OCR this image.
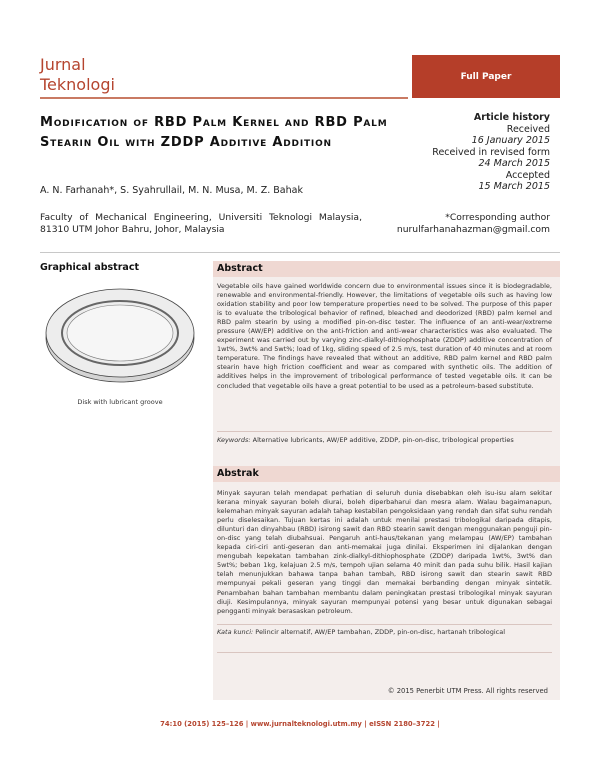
Jurnal
Teknologi	Full Paper
Modification of RBD Palm Kernel and RBD Palm Stearin Oil with ZDDP Additive Addition
Article history
Received
16 January 2015
Received in revised form
24 March 2015
Accepted
15 March 2015
A. N. Farhanah*, S. Syahrullail, M. N. Musa, M. Z. Bahak
Faculty of Mechanical Engineering, Universiti Teknologi Malaysia, 81310 UTM Johor Bahru, Johor, Malaysia
*Corresponding author
nurulfarhanahazman@gmail.com
Graphical abstract
Disk with lubricant groove
Abstract
Vegetable oils have gained worldwide concern due to environmental issues since it is biodegradable, renewable and environmental-friendly. However, the limitations of vegetable oils such as having low oxidation stability and poor low temperature properties need to be solved. The purpose of this paper is to evaluate the tribological behavior of refined, bleached and deodorized (RBD) palm kernel and RBD palm stearin by using a modified pin-on-disc tester. The influence of an anti-wear/extreme pressure (AW/EP) additive on the anti-friction and anti-wear characteristics was also evaluated. The experiment was carried out by varying zinc-dialkyl-dithiophosphate (ZDDP) additive concentration of 1wt%, 3wt% and 5wt%; load of 1kg, sliding speed of 2.5 m/s, test duration of 40 minutes and at room temperature. The findings have revealed that without an additive, RBD palm kernel and RBD palm stearin have high friction coefficient and wear as compared with synthetic oils. The addition of additives helps in the improvement of tribological performance of tested vegetable oils. It can be concluded that vegetable oils have a great potential to be used as a petroleum-based substitute.
Keywords: Alternative lubricants, AW/EP additive, ZDDP, pin-on-disc, tribological properties
Abstrak
Minyak sayuran telah mendapat perhatian di seluruh dunia disebabkan oleh isu-isu alam sekitar kerana minyak sayuran boleh diurai, boleh diperbaharui dan mesra alam. Walau bagaimanapun, kelemahan minyak sayuran adalah tahap kestabilan pengoksidaan yang rendah dan sifat suhu rendah perlu diselesaikan. Tujuan kertas ini adalah untuk menilai prestasi tribologikal daripada ditapis, dilunturi dan dinyahbau (RBD) isirong sawit dan RBD stearin sawit dengan menggunakan penguji pin-on-disc yang telah diubahsuai. Pengaruh anti-haus/tekanan yang melampau (AW/EP) tambahan kepada ciri-ciri anti-geseran dan anti-memakai juga dinilai. Eksperimen ini dijalankan dengan mengubah kepekatan tambahan zink-dialkyl-dithiophosphate (ZDDP) daripada 1wt%, 3wt% dan 5wt%; beban 1kg, kelajuan 2.5 m/s, tempoh ujian selama 40 minit dan pada suhu bilik. Hasil kajian telah menunjukkan bahawa tanpa bahan tambah, RBD isirong sawit dan stearin sawit RBD mempunyai pekali geseran yang tinggi dan memakai berbanding dengan minyak sintetik. Penambahan bahan tambahan membantu dalam peningkatan prestasi tribologikal minyak sayuran diuji. Kesimpulannya, minyak sayuran mempunyai potensi yang besar untuk digunakan sebagai pengganti minyak berasaskan petroleum.
Kata kunci: Pelincir alternatif, AW/EP tambahan, ZDDP, pin-on-disc, hartanah tribological
© 2015 Penerbit UTM Press. All rights reserved
74:10 (2015) 125–126 | www.jurnalteknologi.utm.my | eISSN 2180–3722 |
